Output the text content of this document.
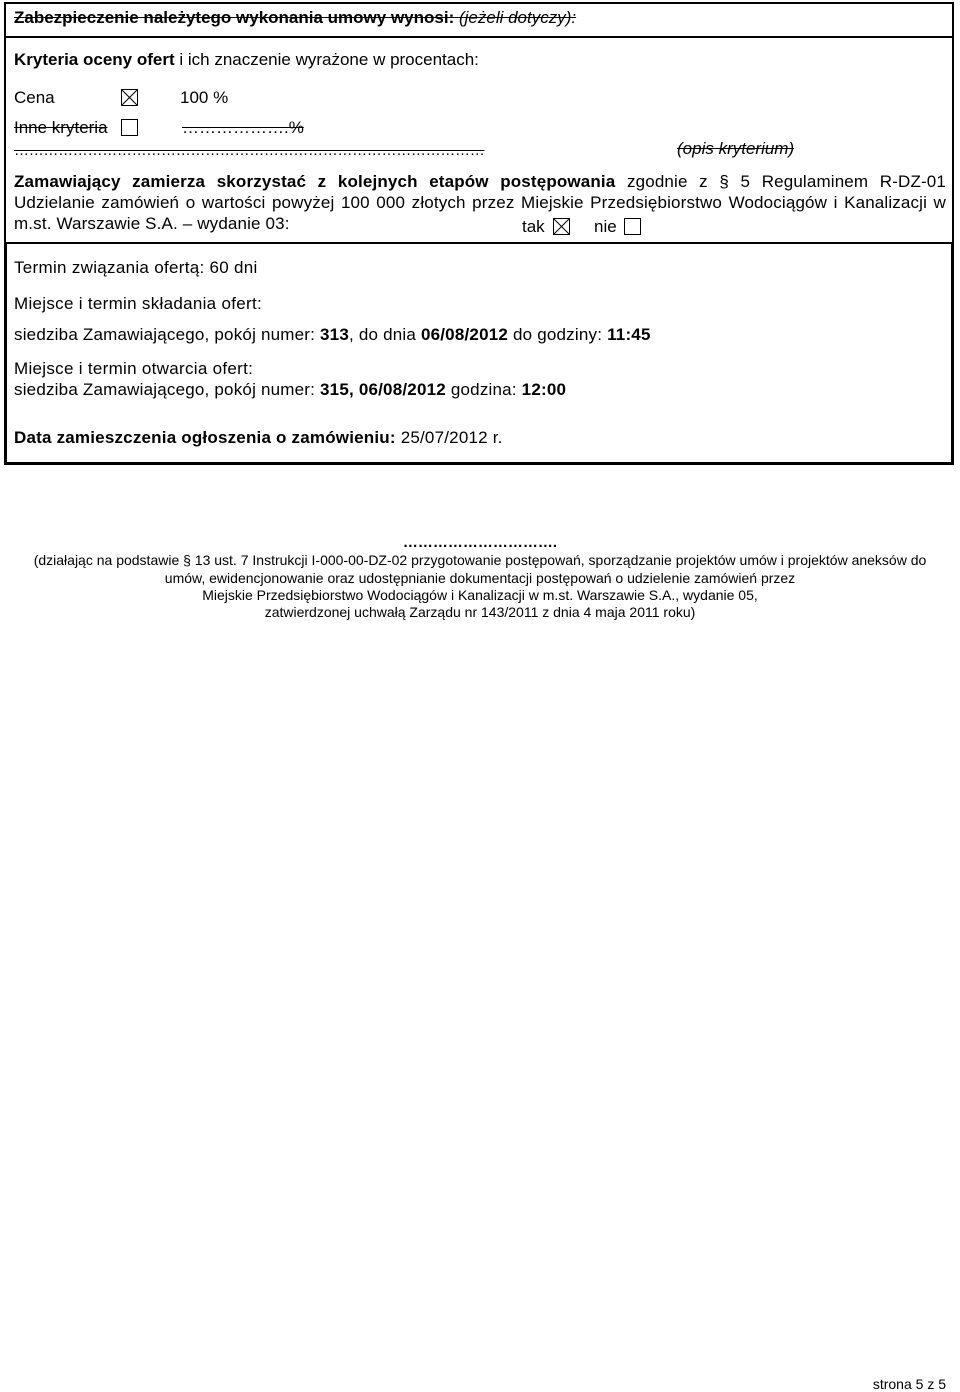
Zabezpieczenie należytego wykonania umowy wynosi: (jeżeli dotyczy):
Kryteria oceny ofert i ich znaczenie wyrażone w procentach:
Cena	100 %
Inne kryteria	……………….%
……………………………………………………………………………………	(opis kryterium)
Zamawiający zamierza skorzystać z kolejnych etapów postępowania zgodnie z § 5 Regulaminem R-DZ-01 Udzielanie zamówień o wartości powyżej 100 000 złotych przez Miejskie Przedsiębiorstwo Wodociągów i Kanalizacji w m.st. Warszawie S.A. – wydanie 03:	tak	nie
Termin związania ofertą: 60 dni
Miejsce i termin składania ofert:
siedziba Zamawiającego, pokój numer: 313, do dnia 06/08/2012 do godziny: 11:45
Miejsce i termin otwarcia ofert:
siedziba Zamawiającego, pokój numer: 315, 06/08/2012 godzina: 12:00
Data zamieszczenia ogłoszenia o zamówieniu: 25/07/2012 r.
………………………….
(działając na podstawie § 13 ust. 7 Instrukcji I-000-00-DZ-02 przygotowanie postępowań, sporządzanie projektów umów i projektów aneksów do
umów, ewidencjonowanie oraz udostępnianie dokumentacji postępowań o udzielenie zamówień przez
Miejskie Przedsiębiorstwo Wodociągów i Kanalizacji w m.st. Warszawie S.A., wydanie 05,
zatwierdzonej uchwałą Zarządu nr 143/2011 z dnia 4 maja 2011 roku)
strona 5 z 5
